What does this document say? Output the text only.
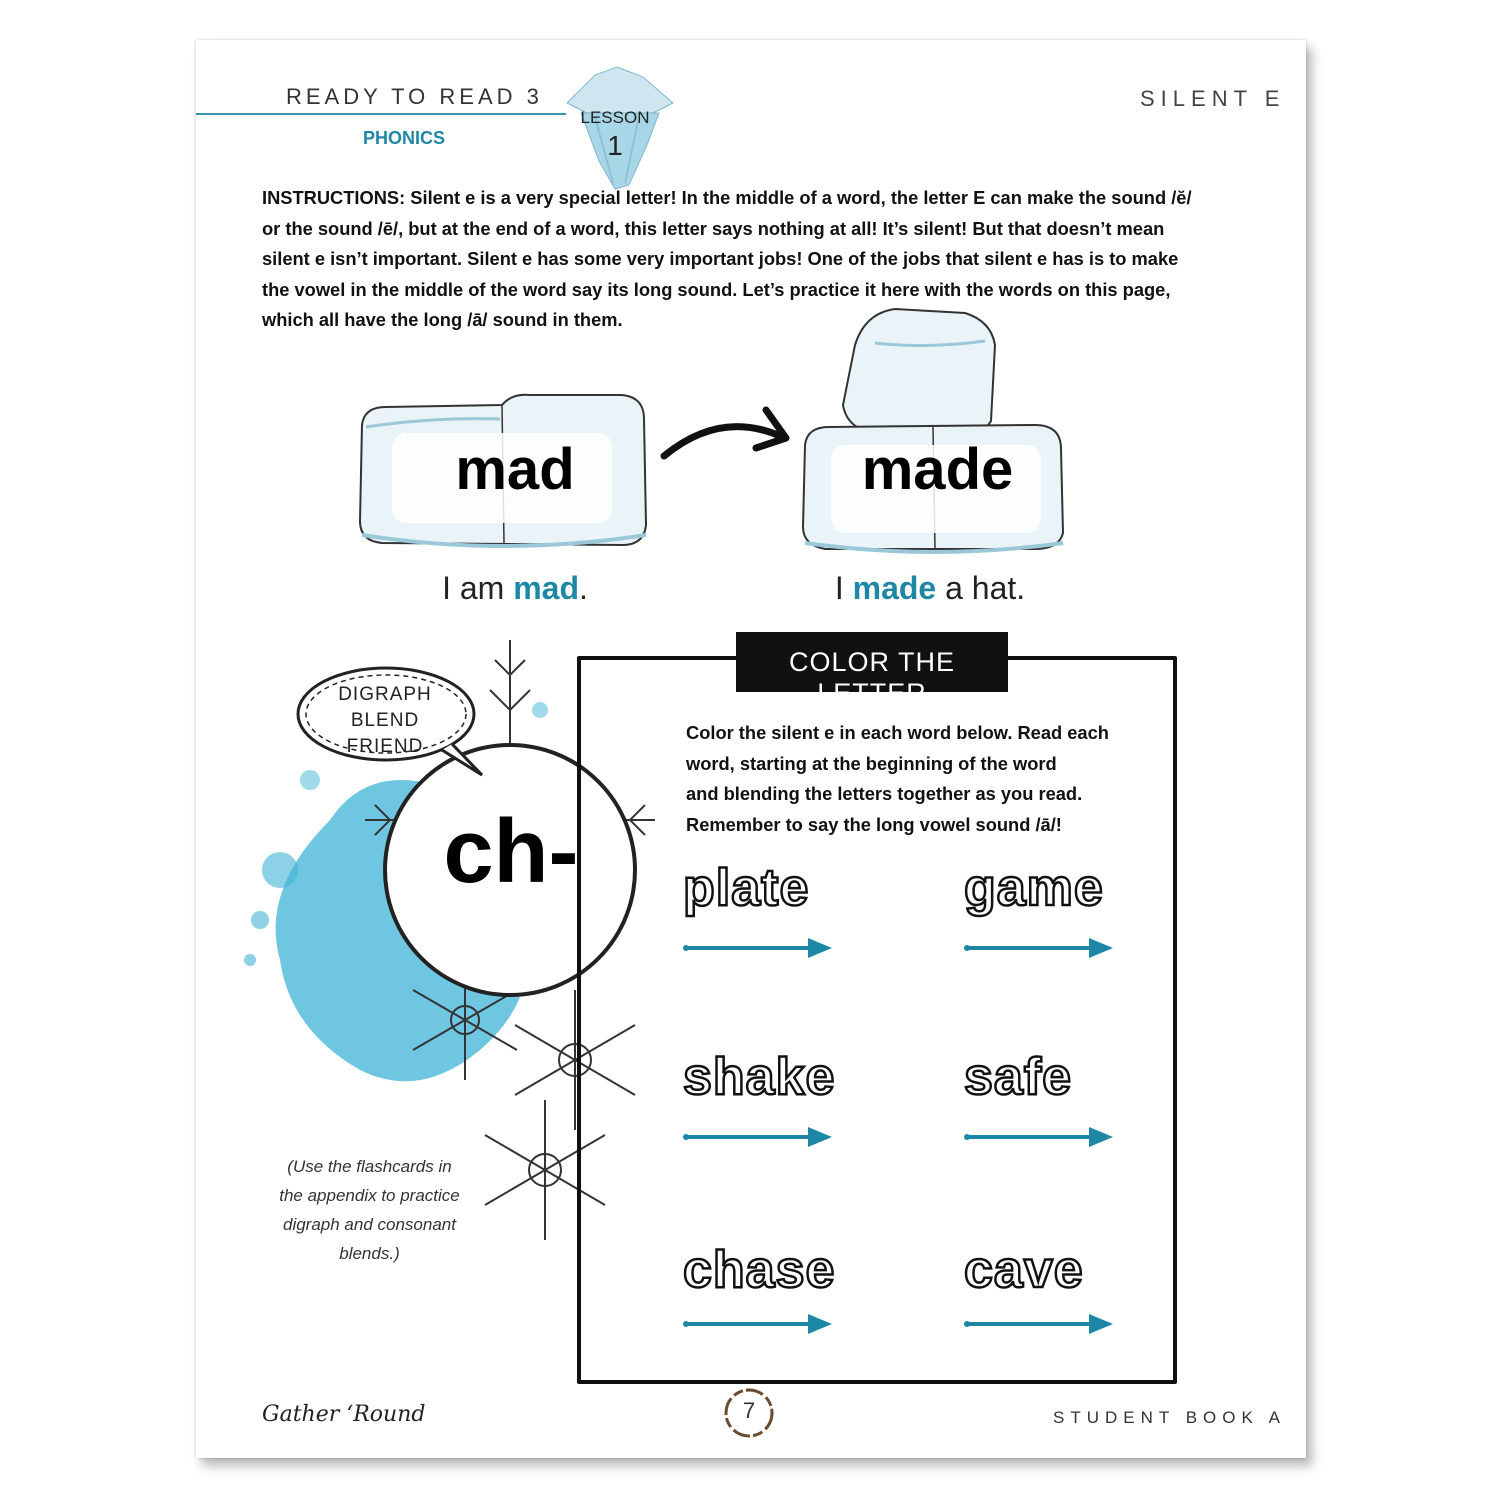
READY TO READ 3
PHONICS
SILENT E
LESSON
1
INSTRUCTIONS: Silent e is a very special letter! In the middle of a word, the letter E can make the sound /ĕ/
or the sound /ē/, but at the end of a word, this letter says nothing at all! It’s silent! But that doesn’t mean
silent e isn’t important. Silent e has some very important jobs! One of the jobs that silent e has is to make
the vowel in the middle of the word say its long sound. Let’s practice it here with the words on this page,
which all have the long /ā/ sound in them.
mad	made
I am mad.	I made a hat.
ch-
DIGRAPH
BLEND FRIEND
(Use the flashcards in
the appendix to practice
digraph and consonant
blends.)
COLOR THE LETTER
Color the silent e in each word below. Read each
word, starting at the beginning of the word
and blending the letters together as you read.
Remember to say the long vowel sound /ā/!
plate	game
shake safe
chase cave
Gather ‘Round	7	STUDENT BOOK A
